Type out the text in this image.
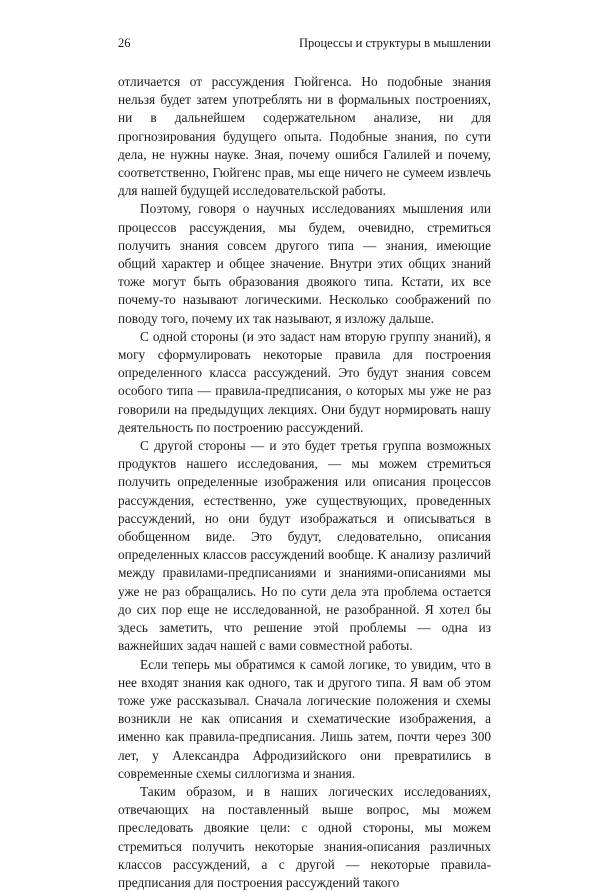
26	Процессы и структуры в мышлении

отличается от рассуждения Гюйгенса. Но подобные знания нельзя будет затем употреблять ни в формальных построениях, ни в дальнейшем содержательном анализе, ни для прогнозирования будущего опыта. Подобные знания, по сути дела, не нужны науке. Зная, почему ошибся Галилей и почему, соответственно, Гюйгенс прав, мы еще ничего не сумеем извлечь для нашей будущей исследовательской работы.

Поэтому, говоря о научных исследованиях мышления или процессов рассуждения, мы будем, очевидно, стремиться получить знания совсем другого типа — знания, имеющие общий характер и общее значение. Внутри этих общих знаний тоже могут быть образования двоякого типа. Кстати, их все почему-то называют логическими. Несколько соображений по поводу того, почему их так называют, я изложу дальше.

С одной стороны (и это задаст нам вторую группу знаний), я могу сформулировать некоторые правила для построения определенного класса рассуждений. Это будут знания совсем особого типа — правила-предписания, о которых мы уже не раз говорили на предыдущих лекциях. Они будут нормировать нашу деятельность по построению рассуждений.

С другой стороны — и это будет третья группа возможных продуктов нашего исследования, — мы можем стремиться получить определенные изображения или описания процессов рассуждения, естественно, уже существующих, проведенных рассуждений, но они будут изображаться и описываться в обобщенном виде. Это будут, следовательно, описания определенных классов рассуждений вообще. К анализу различий между правилами-предписаниями и знаниями-описаниями мы уже не раз обращались. Но по сути дела эта проблема остается до сих пор еще не исследованной, не разобранной. Я хотел бы здесь заметить, что решение этой проблемы — одна из важнейших задач нашей с вами совместной работы.

Если теперь мы обратимся к самой логике, то увидим, что в нее входят знания как одного, так и другого типа. Я вам об этом тоже уже рассказывал. Сначала логические положения и схемы возникли не как описания и схематические изображения, а именно как правила-предписания. Лишь затем, почти через 300 лет, у Александра Афродизийского они превратились в современные схемы силлогизма и знания.

Таким образом, и в наших логических исследованиях, отвечающих на поставленный выше вопрос, мы можем преследовать двоякие цели: с одной стороны, мы можем стремиться получить некоторые знания-описания различных классов рассуждений, а с другой — некоторые правила-предписания для построения рассуждений такого
